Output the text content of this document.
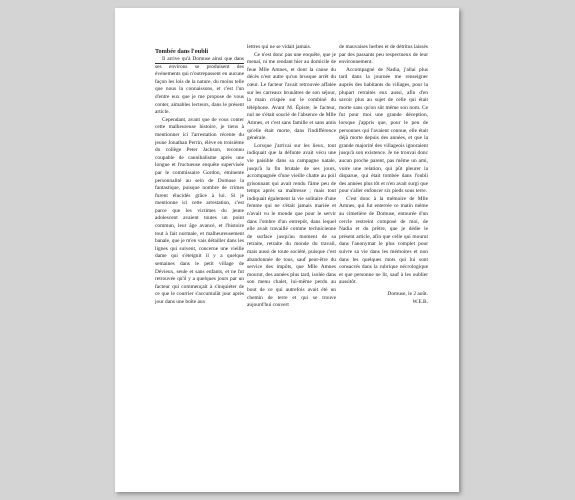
Tombée dans l'oubli

Il arrive qu'à Domuse ainsi que dans ses environs se produisent des événements qui n'outrepassent en aucune façon les lois de la nature, du moins telle que nous la connaissons, et c'est l'un d'entre eux que je me propose de vous conter, aimables lecteurs, dans le présent article.

Cependant, avant que de vous conter cette malheureuse histoire, je tiens à mentionner ici l'arrestation récente du jeune Jonathan Perrin, élève en troisième du collège Peter Jackson, reconnu coupable de cannibalisme après une longue et fructueuse enquête supervisée par le commissaire Gordon, éminente personnalité au sein de Domuse la fantastique, puisque nombre de crimes furent élucidés grâce à lui. Si je mentionne ici cette arrestation, c'est parce que les victimes du jeune adolescent avaient toutes un point commun, leur âge avancé, et l'histoire tout à fait normale, et malheureusement banale, que je m'en vais détailler dans les lignes qui suivent, concerne une vieille dame qui s'éteignit il y a quelque semaines dans le petit village de Dévieux, seule et sans enfants, et ne fut retrouvée qu'il y a quelques jours par un facteur qui commençait à s'inquiéter de ce que le courrier s'accumulât jour après jour dans une boîte aux

lettres qui ne se vidait jamais.

Ce n'est donc pas une enquête, que je menai, ni me rendant hier au domicile de feue Mlle Amnes, et dont la cause du décès n'est autre qu'un brusque arrêt du cœur. Le facteur l'avait retrouvée affalée sur les carreaux brunâtres de son séjour, la main crispée sur le combiné du téléphone. Avant M. Épiste, le facteur, nul ne s'était soucié de l'absence de Mlle Amnes, et c'est sans famille et sans amis qu'elle était morte, dans l'indifférence générale.

Lorsque j'arrivai sur les lieux, tout indiquait que la défunte avait vécu une vie paisible dans sa campagne natale, jusqu'à la fin brutale de ses jours, accompagnée d'une vieille chatte au poil grisonnant qui avait rendu l'âme peu de temps après sa maîtresse ; mais tout indiquait également la vie solitaire d'une femme qui ne s'était jamais mariée et n'avait vu le monde que pour le servir dans l'ombre d'un entrepôt, dans lequel elle avait travaillé comme technicienne de surface jusqu'au moment de sa retraite, retraite du monde du travail, mais aussi de toute société, puisque c'est abandonnée de tous, sauf peut-être du service des impôts, que Mlle Amnes mourut, des années plus tard, isolée dans son menu chalet, lui-même perdu au bout de ce qui autrefois avait été un chemin de terre et qui se trouve aujourd'hui couvert

de mauvaises herbes et de détritus laissés par des passants peu respectueux de leur environnement.

Accompagné de Nadia, j'allai plus tard dans la journée me renseigner auprès des habitants du villages, pour la plupart retraités eux aussi, afin d'en savoir plus au sujet de celle qui était morte sans qu'on sût même son nom. Ce fut pour moi une grande déception, lorsque j'appris que, pour le peu de personnes qui l'avaient connue, elle était déjà morte depuis des années, et que la grande majorité des villageois ignoraient jusqu'à son existence. Je ne trouvai donc aucun proche parent, pas même un ami, voire une relation, qui pût pleurer la disparue, qui était tombée dans l'oubli des années plus tôt et n'en avait surgi que pour s'aller enfoncer six pieds sous terre.

C'est donc à la mémoire de Mlle Amnes, qui fut enterrée ce matin même au cimetière de Domuse, entourée d'un cercle restreint composé de moi, de Nadia et du prêtre, que je dédie le présent article, afin que celle qui mourut dans l'anonymat le plus complet pour suivre sa vie dans les mémoires et non dans les quelques mots qui lui sont consacrés dans la rubrique nécrologique et que personne ne lit, sauf à les oublier aussitôt.

Domuse, le 2 août.
W.E.B.
